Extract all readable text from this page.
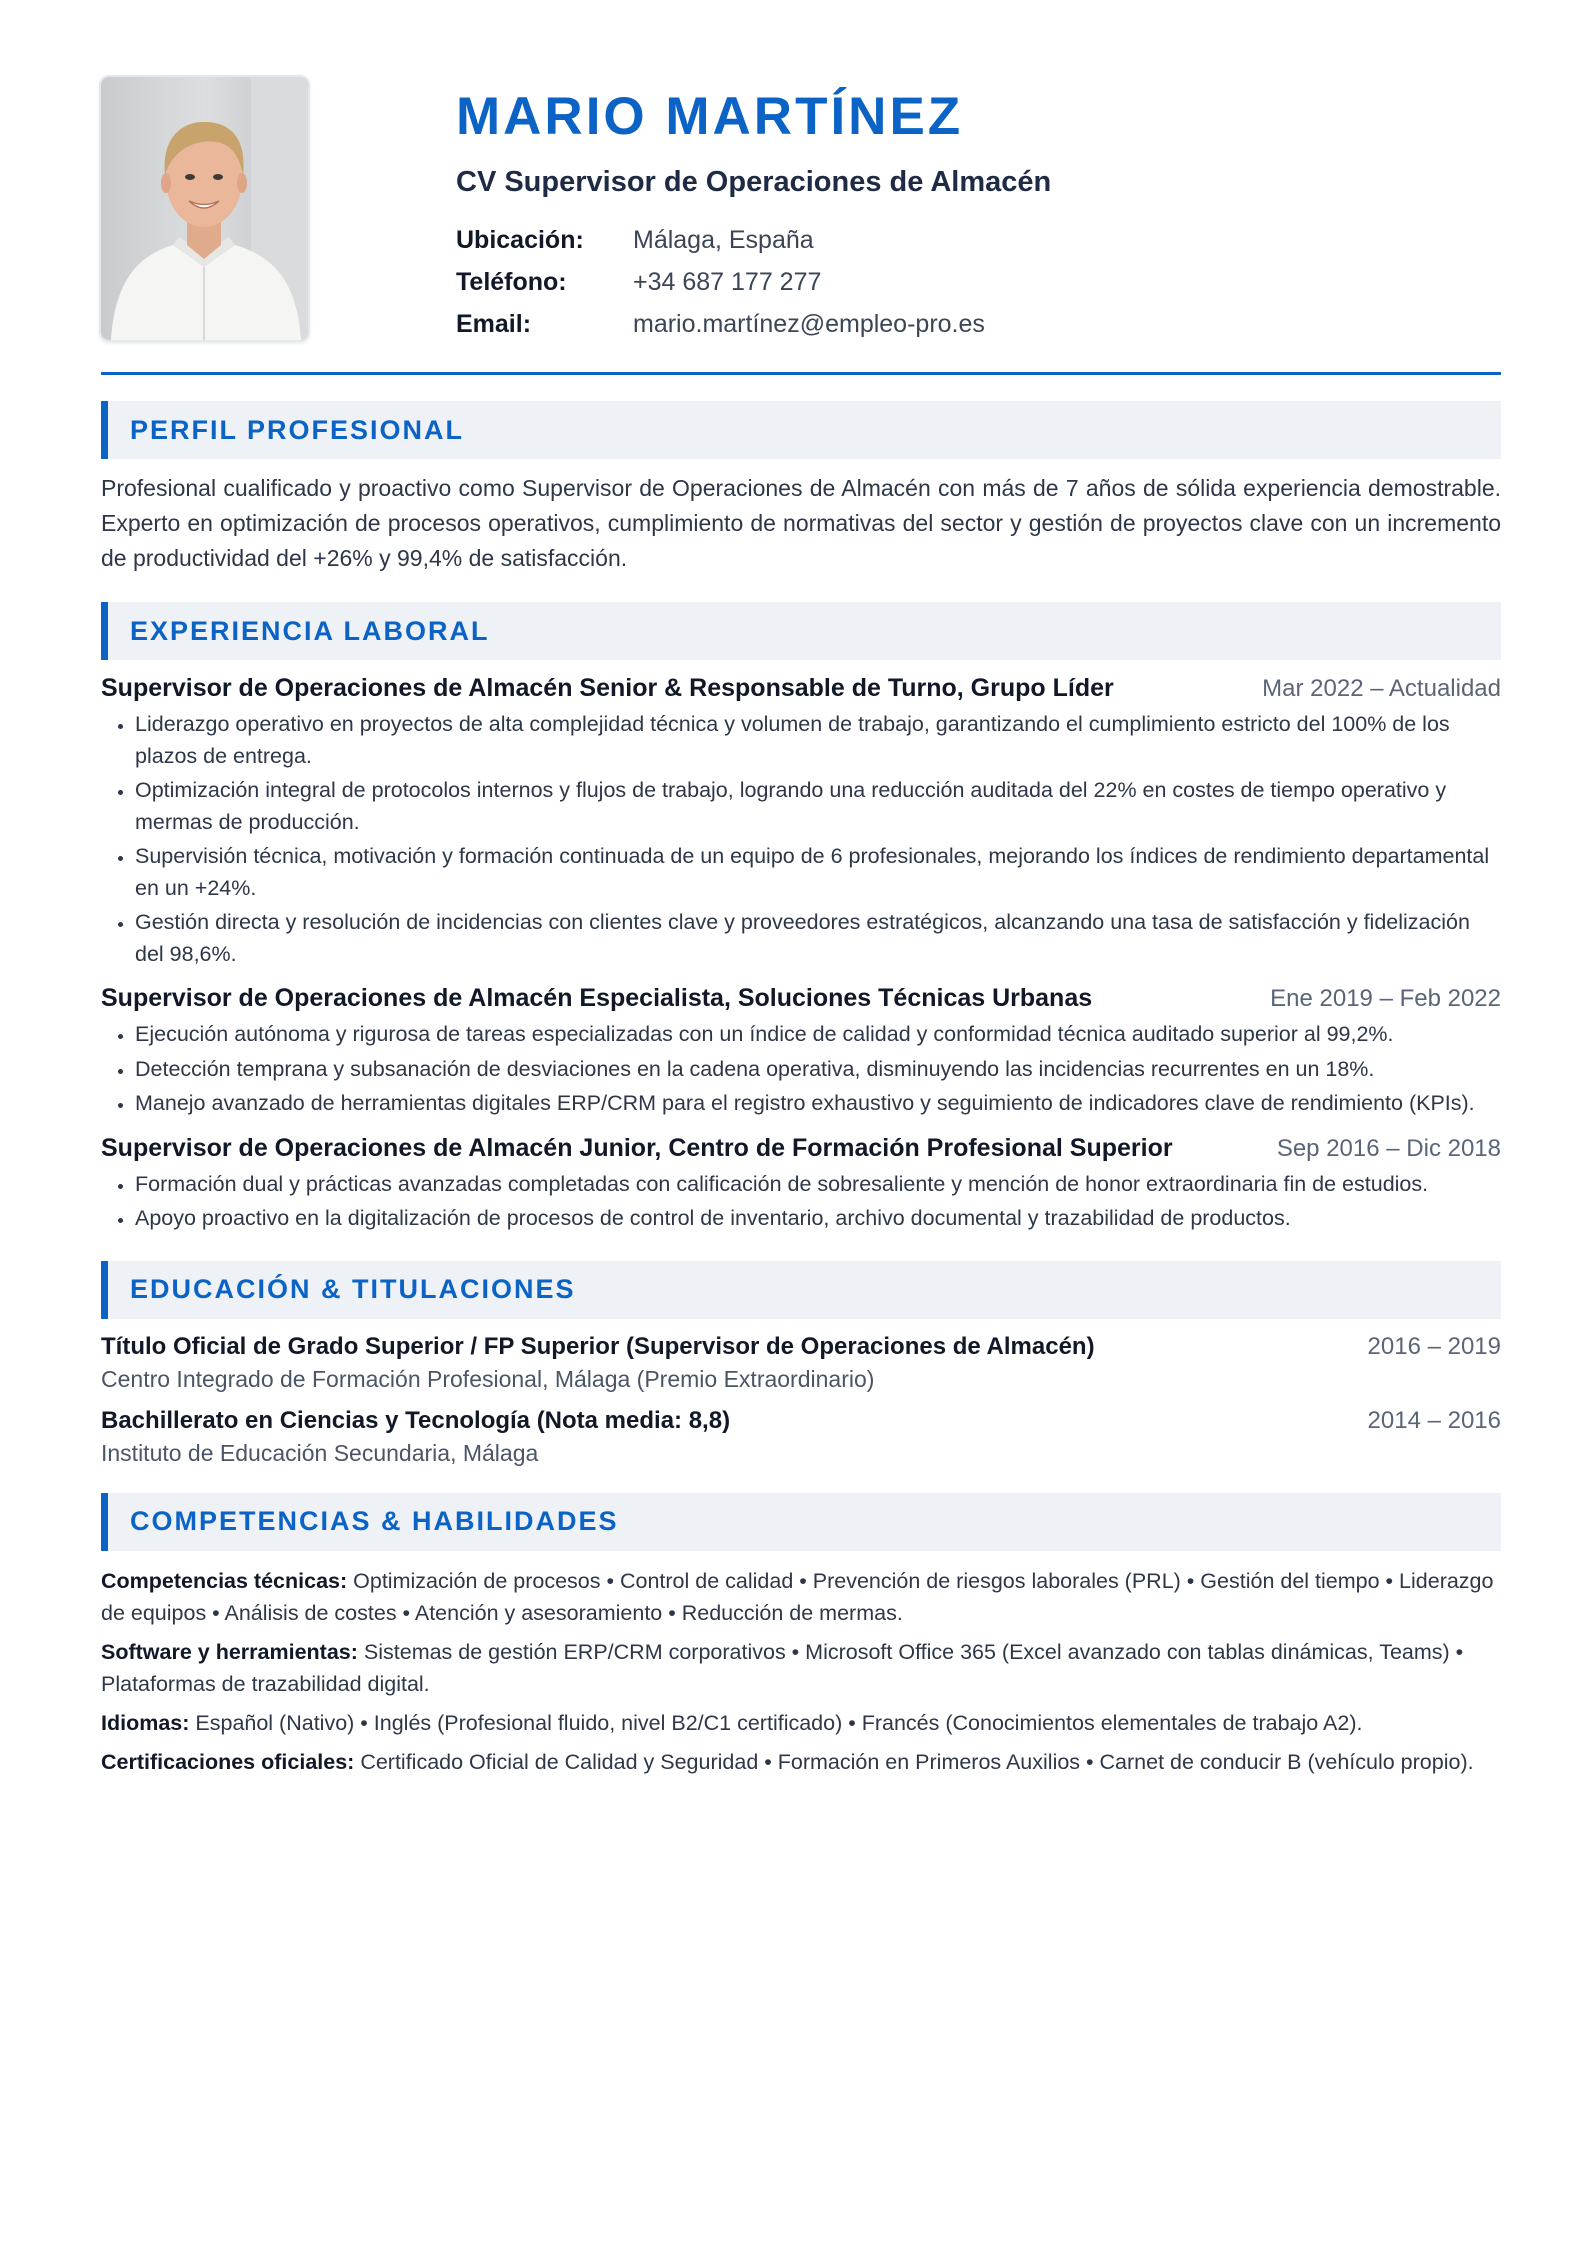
MARIO MARTÍNEZ
CV Supervisor de Operaciones de Almacén
Ubicación:	Málaga, España
Teléfono:	+34 687 177 277
Email:	mario.martínez@empleo-pro.es
PERFIL PROFESIONAL
Profesional cualificado y proactivo como Supervisor de Operaciones de Almacén con más de 7 años de sólida experiencia demostrable. Experto en optimización de procesos operativos, cumplimiento de normativas del sector y gestión de proyectos clave con un incremento de productividad del +26% y 99,4% de satisfacción.
EXPERIENCIA LABORAL
Supervisor de Operaciones de Almacén Senior & Responsable de Turno, Grupo Líder	Mar 2022 – Actualidad
• Liderazgo operativo en proyectos de alta complejidad técnica y volumen de trabajo, garantizando el cumplimiento estricto del 100% de los plazos de entrega.
• Optimización integral de protocolos internos y flujos de trabajo, logrando una reducción auditada del 22% en costes de tiempo operativo y mermas de producción.
• Supervisión técnica, motivación y formación continuada de un equipo de 6 profesionales, mejorando los índices de rendimiento departamental en un +24%.
• Gestión directa y resolución de incidencias con clientes clave y proveedores estratégicos, alcanzando una tasa de satisfacción y fidelización del 98,6%.
Supervisor de Operaciones de Almacén Especialista, Soluciones Técnicas Urbanas	Ene 2019 – Feb 2022
• Ejecución autónoma y rigurosa de tareas especializadas con un índice de calidad y conformidad técnica auditado superior al 99,2%.
• Detección temprana y subsanación de desviaciones en la cadena operativa, disminuyendo las incidencias recurrentes en un 18%.
• Manejo avanzado de herramientas digitales ERP/CRM para el registro exhaustivo y seguimiento de indicadores clave de rendimiento (KPIs).
Supervisor de Operaciones de Almacén Junior, Centro de Formación Profesional Superior	Sep 2016 – Dic 2018
• Formación dual y prácticas avanzadas completadas con calificación de sobresaliente y mención de honor extraordinaria fin de estudios.
• Apoyo proactivo en la digitalización de procesos de control de inventario, archivo documental y trazabilidad de productos.
EDUCACIÓN & TITULACIONES
Título Oficial de Grado Superior / FP Superior (Supervisor de Operaciones de Almacén)	2016 – 2019
Centro Integrado de Formación Profesional, Málaga (Premio Extraordinario)
Bachillerato en Ciencias y Tecnología (Nota media: 8,8)	2014 – 2016
Instituto de Educación Secundaria, Málaga
COMPETENCIAS & HABILIDADES
Competencias técnicas: Optimización de procesos • Control de calidad • Prevención de riesgos laborales (PRL) • Gestión del tiempo • Liderazgo de equipos • Análisis de costes • Atención y asesoramiento • Reducción de mermas.
Software y herramientas: Sistemas de gestión ERP/CRM corporativos • Microsoft Office 365 (Excel avanzado con tablas dinámicas, Teams) • Plataformas de trazabilidad digital.
Idiomas: Español (Nativo) • Inglés (Profesional fluido, nivel B2/C1 certificado) • Francés (Conocimientos elementales de trabajo A2).
Certificaciones oficiales: Certificado Oficial de Calidad y Seguridad • Formación en Primeros Auxilios • Carnet de conducir B (vehículo propio).
